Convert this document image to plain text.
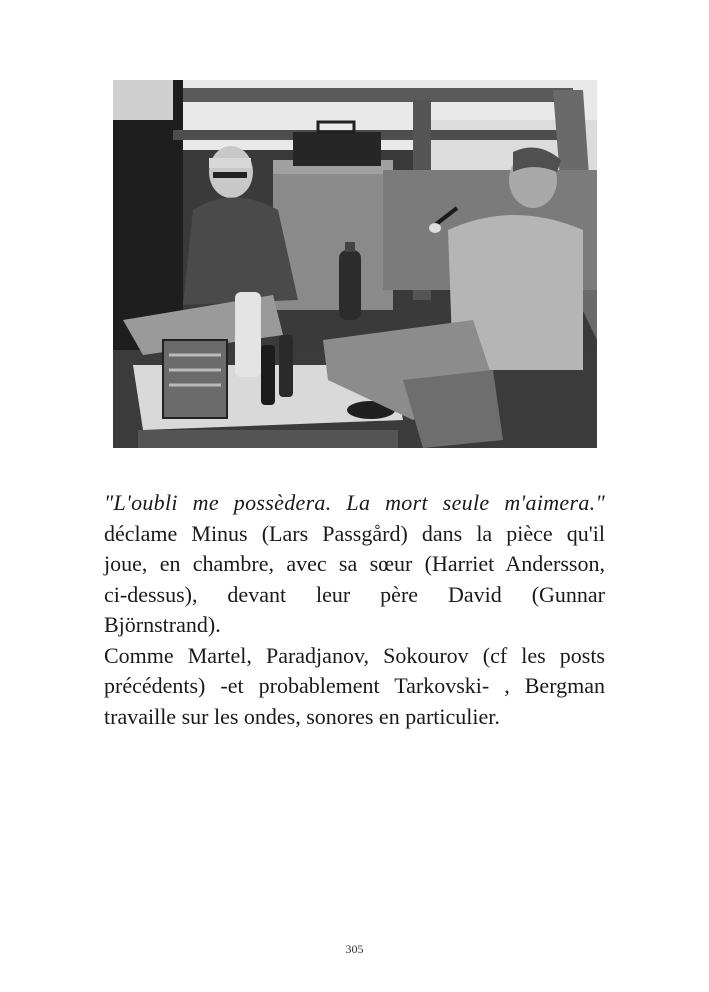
"L'oubli me possèdera. La mort seule m'aimera."
déclame Minus (Lars Passgård) dans la pièce qu'il
joue, en chambre, avec sa sœur (Harriet Andersson,
ci-dessus), devant leur père David (Gunnar
Björnstrand).
Comme Martel, Paradjanov, Sokourov (cf les posts
précédents) -et probablement Tarkovski- , Bergman
travaille sur les ondes, sonores en particulier.
305
